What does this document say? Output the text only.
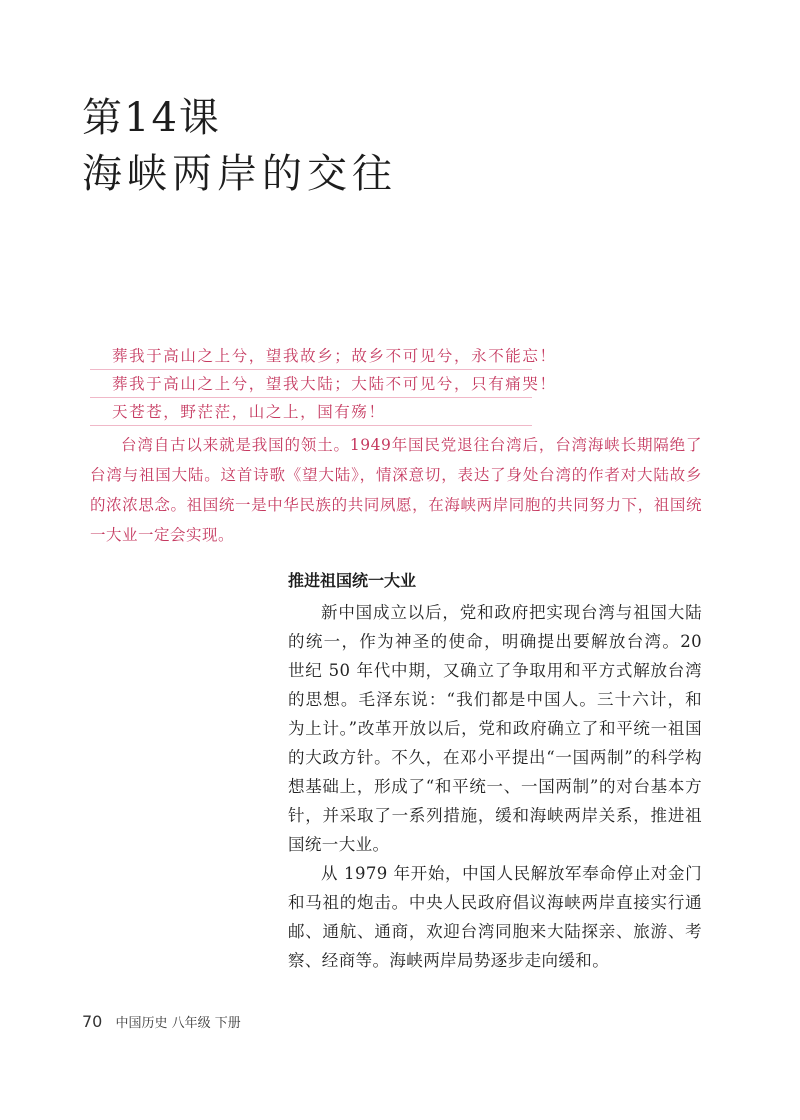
第14课
海峡两岸的交往
葬我于高山之上兮，望我故乡；故乡不可见兮，永不能忘！
葬我于高山之上兮，望我大陆；大陆不可见兮，只有痛哭！
天苍苍，野茫茫，山之上，国有殇！

台湾自古以来就是我国的领土。1949年国民党退往台湾后，台湾海峡长期隔绝了台湾与祖国大陆。这首诗歌《望大陆》，情深意切，表达了身处台湾的作者对大陆故乡的浓浓思念。祖国统一是中华民族的共同夙愿，在海峡两岸同胞的共同努力下，祖国统一大业一定会实现。

推进祖国统一大业

新中国成立以后，党和政府把实现台湾与祖国大陆的统一，作为神圣的使命，明确提出要解放台湾。20 世纪 50 年代中期，又确立了争取用和平方式解放台湾的思想。毛泽东说：“我们都是中国人。三十六计，和为上计。”改革开放以后，党和政府确立了和平统一祖国的大政方针。不久，在邓小平提出“一国两制”的科学构想基础上，形成了“和平统一、一国两制”的对台基本方针，并采取了一系列措施，缓和海峡两岸关系，推进祖国统一大业。

从 1979 年开始，中国人民解放军奉命停止对金门和马祖的炮击。中央人民政府倡议海峡两岸直接实行通邮、通航、通商，欢迎台湾同胞来大陆探亲、旅游、考察、经商等。海峡两岸局势逐步走向缓和。

70 中国历史 八年级 下册
